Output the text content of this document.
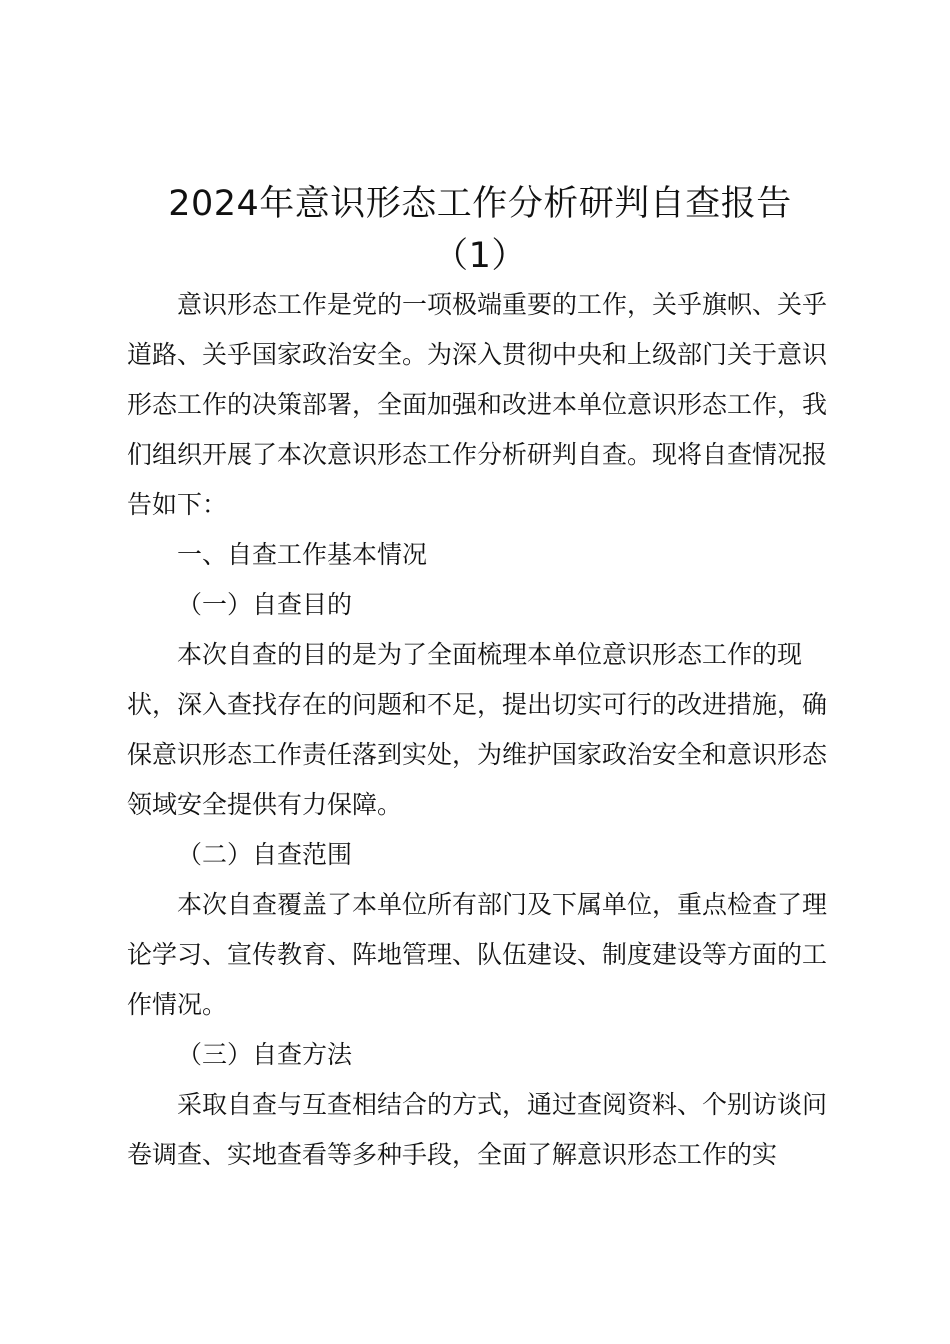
2024年意识形态工作分析研判自查报告
（1）

意识形态工作是党的一项极端重要的工作，关乎旗帜、关乎道路、关乎国家政治安全。为深入贯彻中央和上级部门关于意识形态工作的决策部署，全面加强和改进本单位意识形态工作，我们组织开展了本次意识形态工作分析研判自查。现将自查情况报告如下：

一、自查工作基本情况

（一）自查目的

本次自查的目的是为了全面梳理本单位意识形态工作的现状，深入查找存在的问题和不足，提出切实可行的改进措施，确保意识形态工作责任落到实处，为维护国家政治安全和意识形态领域安全提供有力保障。

（二）自查范围

本次自查覆盖了本单位所有部门及下属单位，重点检查了理论学习、宣传教育、阵地管理、队伍建设、制度建设等方面的工作情况。

（三）自查方法

采取自查与互查相结合的方式，通过查阅资料、个别访谈问卷调查、实地查看等多种手段，全面了解意识形态工作的实
